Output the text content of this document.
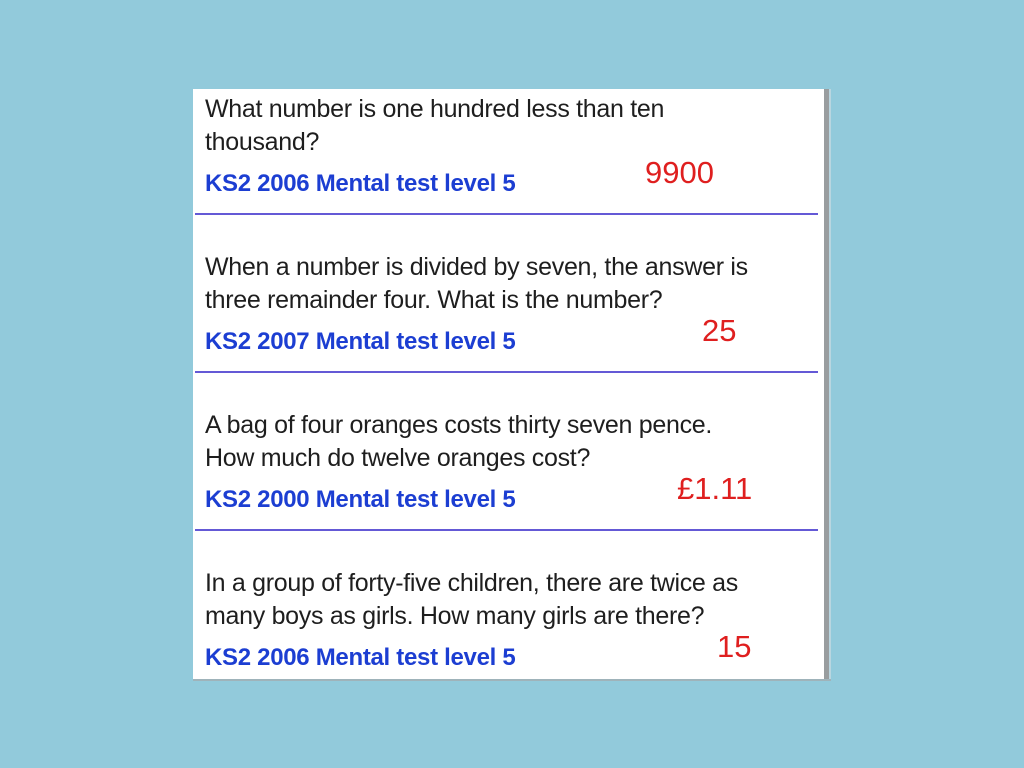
What number is one hundred less than ten
thousand?
KS2 2006 Mental test level 5	9900
When a number is divided by seven, the answer is
three remainder four. What is the number?
KS2 2007 Mental test level 5	25
A bag of four oranges costs thirty seven pence.
How much do twelve oranges cost?
KS2 2000 Mental test level 5	£1.11
In a group of forty-five children, there are twice as
many boys as girls. How many girls are there?
KS2 2006 Mental test level 5	15
